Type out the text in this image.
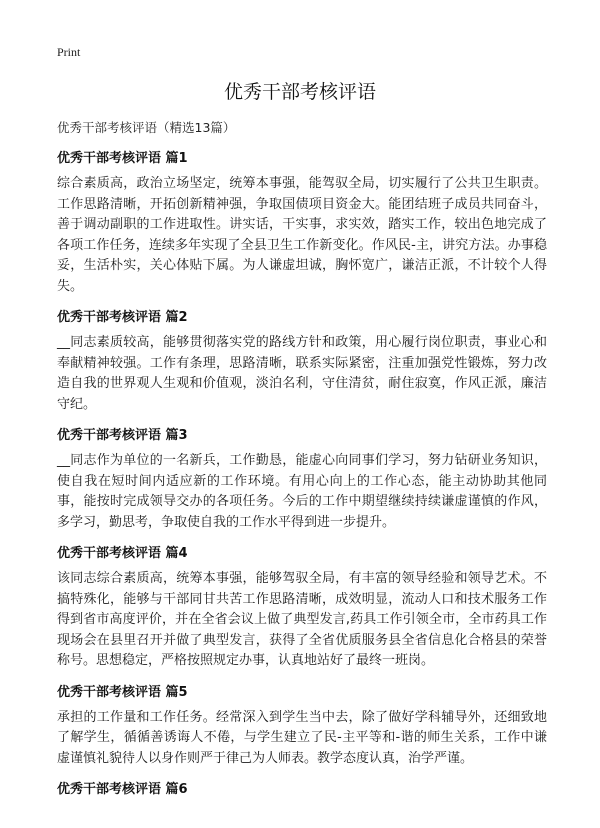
Print
优秀干部考核评语
优秀干部考核评语（精选13篇）
优秀干部考核评语 篇1

综合素质高，政治立场坚定，统筹本事强，能驾驭全局，切实履行了公共卫生职责。工作思路清晰，开拓创新精神强，争取国债项目资金大。能团结班子成员共同奋斗，善于调动副职的工作进取性。讲实话，干实事，求实效，踏实工作，较出色地完成了各项工作任务，连续多年实现了全县卫生工作新变化。作风民-主，讲究方法。办事稳妥，生活朴实，关心体贴下属。为人谦虚坦诚，胸怀宽广，谦洁正派，不计较个人得失。

优秀干部考核评语 篇2

__同志素质较高，能够贯彻落实党的路线方针和政策，用心履行岗位职责，事业心和奉献精神较强。工作有条理，思路清晰，联系实际紧密，注重加强党性锻炼，努力改造自我的世界观人生观和价值观，淡泊名利，守住清贫，耐住寂寞，作风正派，廉洁守纪。

优秀干部考核评语 篇3

__同志作为单位的一名新兵，工作勤恳，能虚心向同事们学习，努力钻研业务知识，使自我在短时间内适应新的工作环境。有用心向上的工作心态，能主动协助其他同事，能按时完成领导交办的各项任务。今后的工作中期望继续持续谦虚谨慎的作风，多学习，勤思考，争取使自我的工作水平得到进一步提升。

优秀干部考核评语 篇4

该同志综合素质高，统筹本事强，能够驾驭全局，有丰富的领导经验和领导艺术。不搞特殊化，能够与干部同甘共苦工作思路清晰，成效明显，流动人口和技术服务工作得到省市高度评价，并在全省会议上做了典型发言,药具工作引领全市，全市药具工作现场会在县里召开并做了典型发言，获得了全省优质服务县全省信息化合格县的荣誉称号。思想稳定，严格按照规定办事，认真地站好了最终一班岗。

优秀干部考核评语 篇5

承担的工作量和工作任务。经常深入到学生当中去，除了做好学科辅导外，还细致地了解学生，循循善诱诲人不倦，与学生建立了民-主平等和-谐的师生关系，工作中谦虚谨慎礼貌待人以身作则严于律己为人师表。教学态度认真，治学严谨。

优秀干部考核评语 篇6
